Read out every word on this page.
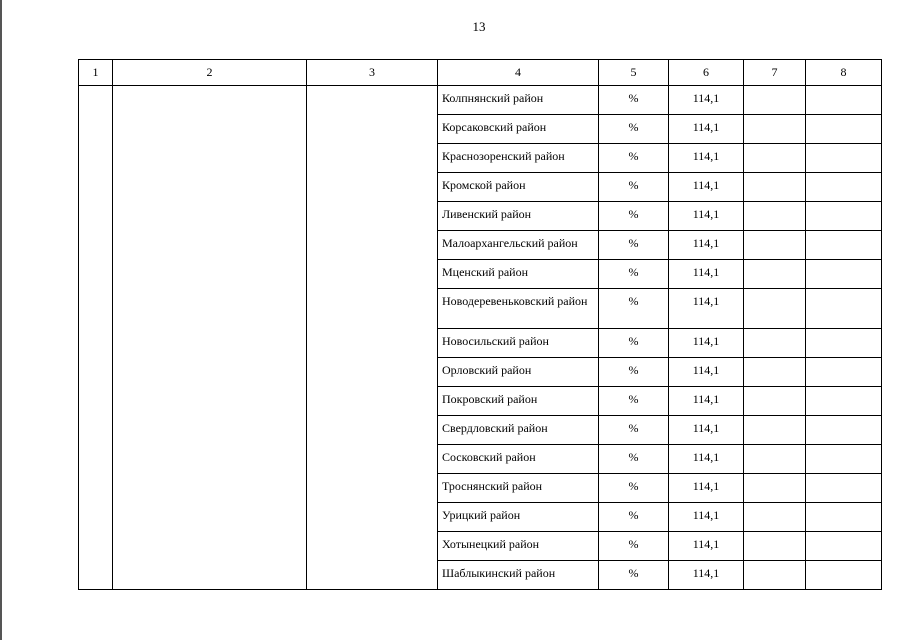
13
1	2	3	4	5	6	7	8
			Колпнянский район	%	114,1		
			Корсаковский район	%	114,1		
			Краснозоренский район	%	114,1		
			Кромской район	%	114,1		
			Ливенский район	%	114,1		
			Малоархангельский район	%	114,1		
			Мценский район	%	114,1		
			Новодеревеньковский район	%	114,1		
			Новосильский район	%	114,1		
			Орловский район	%	114,1		
			Покровский район	%	114,1		
			Свердловский район	%	114,1		
			Сосковский район	%	114,1		
			Троснянский район	%	114,1		
			Урицкий район	%	114,1		
			Хотынецкий район	%	114,1		
			Шаблыкинский район	%	114,1		
